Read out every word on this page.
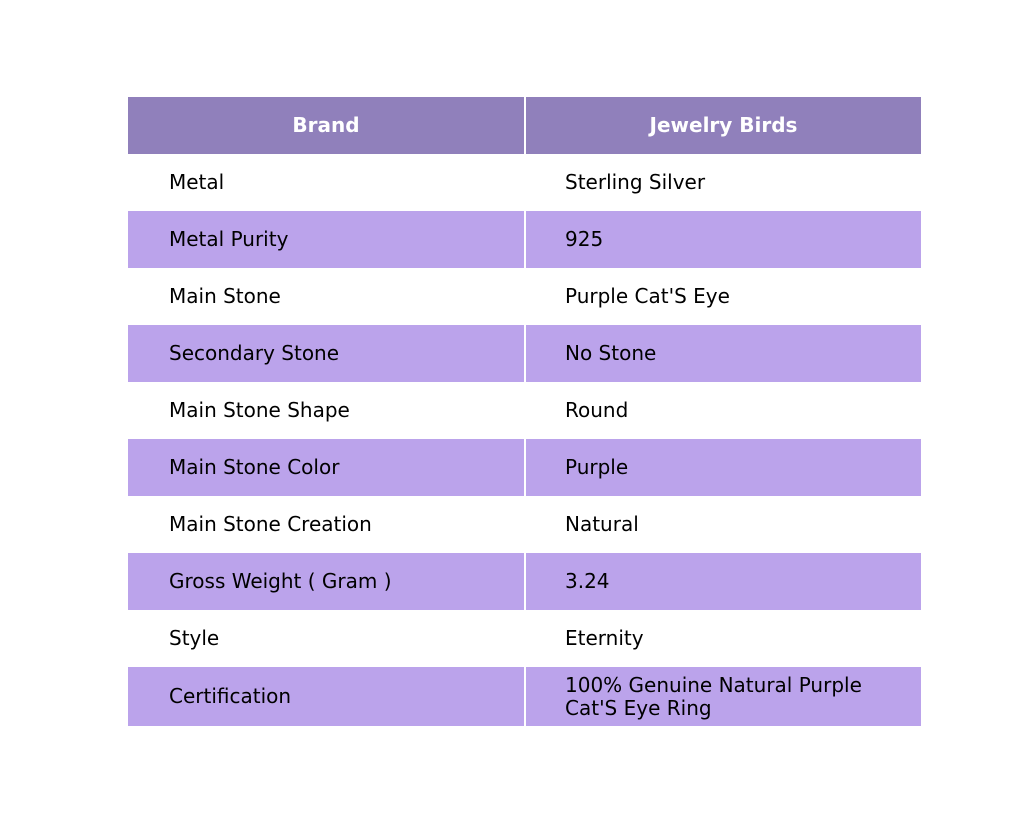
Brand	Jewelry Birds
Metal	Sterling Silver
Metal Purity	925
Main Stone	Purple Cat'S Eye
Secondary Stone	No Stone
Main Stone Shape	Round
Main Stone Color	Purple
Main Stone Creation	Natural
Gross Weight ( Gram )	3.24
Style	Eternity
Certification	100% Genuine Natural Purple Cat'S Eye Ring
